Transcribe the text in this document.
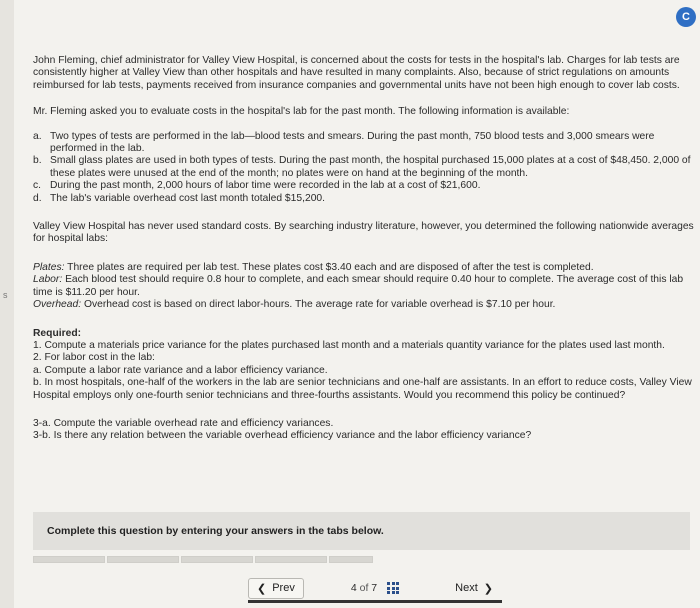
s
C

John Fleming, chief administrator for Valley View Hospital, is concerned about the costs for tests in the hospital's lab. Charges for lab tests are consistently higher at Valley View than other hospitals and have resulted in many complaints. Also, because of strict regulations on amounts reimbursed for lab tests, payments received from insurance companies and governmental units have not been high enough to cover lab costs.

Mr. Fleming asked you to evaluate costs in the hospital's lab for the past month. The following information is available:

a. Two types of tests are performed in the lab—blood tests and smears. During the past month, 750 blood tests and 3,000 smears were performed in the lab.
b. Small glass plates are used in both types of tests. During the past month, the hospital purchased 15,000 plates at a cost of $48,450. 2,000 of these plates were unused at the end of the month; no plates were on hand at the beginning of the month.
c. During the past month, 2,000 hours of labor time were recorded in the lab at a cost of $21,600.
d. The lab's variable overhead cost last month totaled $15,200.

Valley View Hospital has never used standard costs. By searching industry literature, however, you determined the following nationwide averages for hospital labs:

Plates: Three plates are required per lab test. These plates cost $3.40 each and are disposed of after the test is completed.

Labor: Each blood test should require 0.8 hour to complete, and each smear should require 0.40 hour to complete. The average cost of this lab time is $11.20 per hour.

Overhead: Overhead cost is based on direct labor-hours. The average rate for variable overhead is $7.10 per hour.

Required:

1. Compute a materials price variance for the plates purchased last month and a materials quantity variance for the plates used last month.

2. For labor cost in the lab:

a. Compute a labor rate variance and a labor efficiency variance.

b. In most hospitals, one-half of the workers in the lab are senior technicians and one-half are assistants. In an effort to reduce costs, Valley View Hospital employs only one-fourth senior technicians and three-fourths assistants. Would you recommend this policy be continued?

3-a. Compute the variable overhead rate and efficiency variances.

3-b. Is there any relation between the variable overhead efficiency variance and the labor efficiency variance?

Complete this question by entering your answers in the tabs below.
❮ Prev	4 of 7	Next ❯
